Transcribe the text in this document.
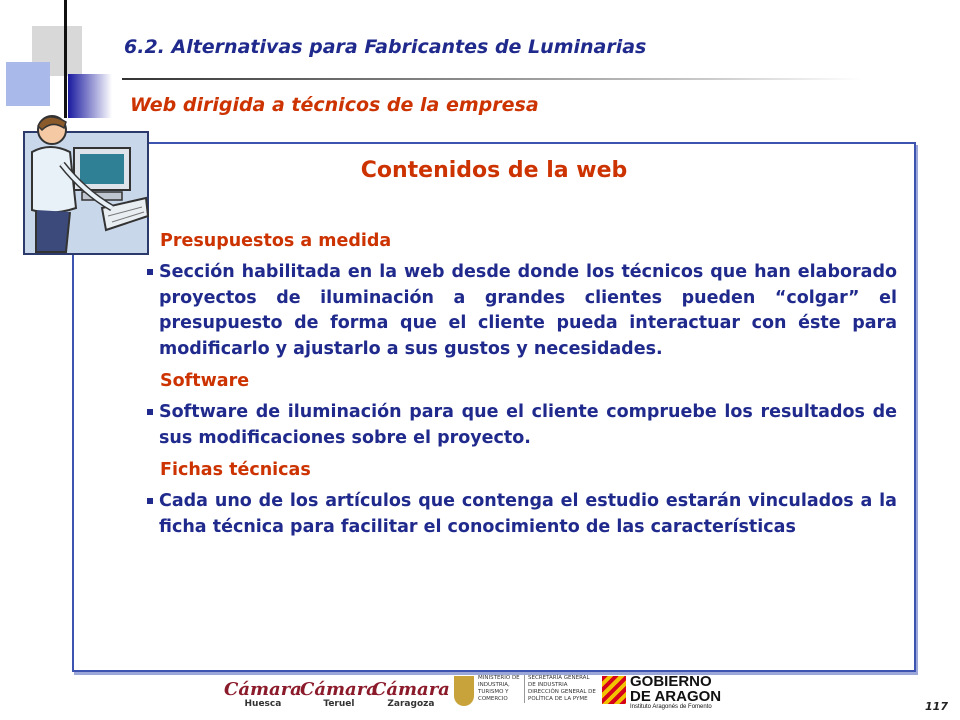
6.2. Alternativas para Fabricantes de Luminarias
Web dirigida a técnicos de la empresa
Contenidos de la web
Presupuestos a medida
Sección habilitada en la web desde donde los técnicos que han elaborado proyectos de iluminación a grandes clientes pueden “colgar” el presupuesto de forma que el cliente pueda interactuar con éste para modificarlo y ajustarlo a sus gustos y necesidades.
Software
Software de iluminación para que el cliente compruebe los resultados de sus modificaciones sobre el proyecto.
Fichas técnicas
Cada uno de los artículos que contenga el estudio estarán vinculados a la ficha técnica para facilitar el conocimiento de las características
Cámara
Huesca
Cámara
Teruel
Cámara
Zaragoza
MINISTERIO DE INDUSTRIA, TURISMO Y COMERCIO
SECRETARÍA GENERAL DE INDUSTRIA DIRECCIÓN GENERAL DE POLÍTICA DE LA PYME
GOBIERNO
DE ARAGON
Instituto Aragonés de Fomento	117
